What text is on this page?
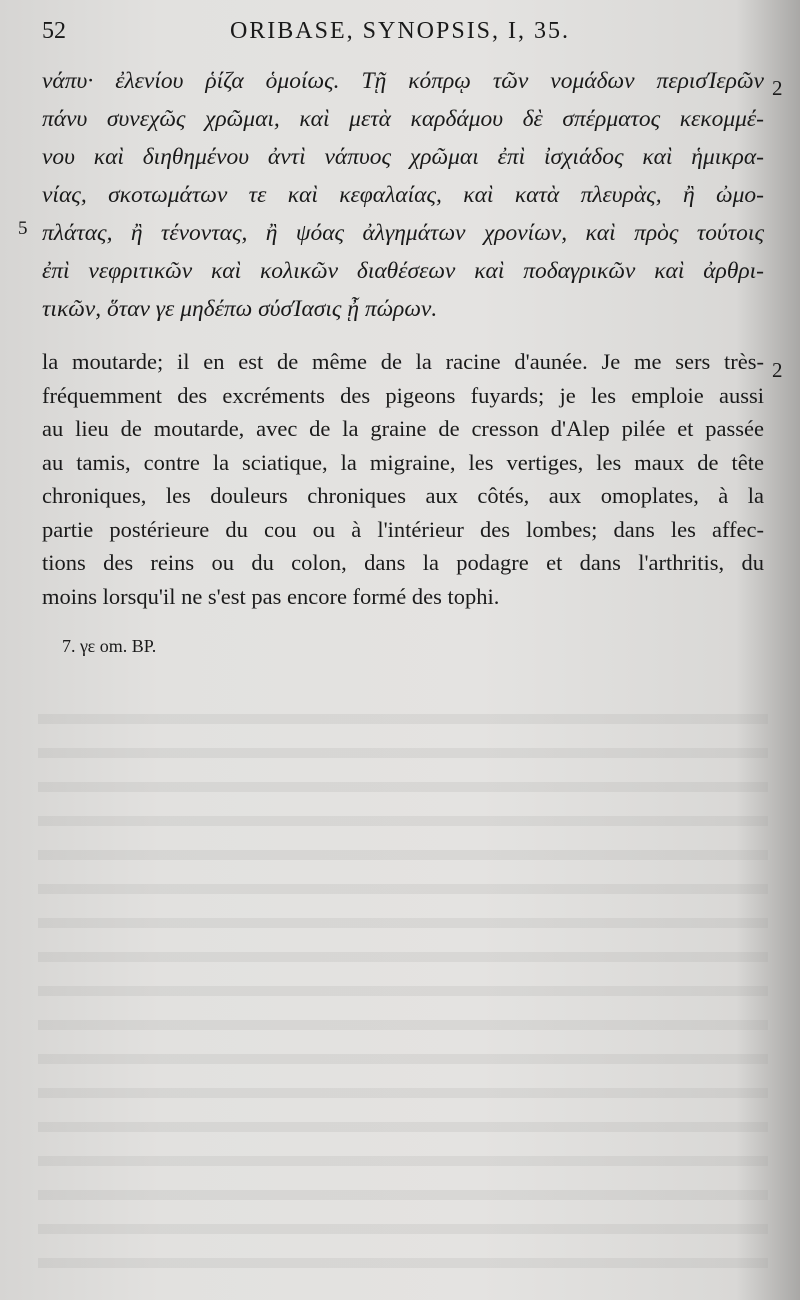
52	ORIBASE, SYNOPSIS, I, 35.
νάπυ· ἐλενίου ῥίζα ὁμοίως. Τῇ κόπρῳ τῶν νομάδων περισΊερῶν
πάνυ συνεχῶς χρῶμαι, καὶ μετὰ καρδάμου δὲ σπέρματος κεκομμέ-
νου καὶ διηθημένου ἀντὶ νάπυος χρῶμαι ἐπὶ ἰσχιάδος καὶ ἡμικρα-
νίας, σκοτωμάτων τε καὶ κεφαλαίας, καὶ κατὰ πλευρὰς, ἢ ὠμο-
πλάτας, ἢ τένοντας, ἢ ψόας ἀλγημάτων χρονίων, καὶ πρὸς τούτοις
ἐπὶ νεφριτικῶν καὶ κολικῶν διαθέσεων καὶ ποδαγρικῶν καὶ ἀρθρι-
τικῶν, ὅταν γε μηδέπω σύσΊασις ᾖ πώρων.
5
2
2
la moutarde; il en est de même de la racine d'aunée. Je me sers très-
fréquemment des excréments des pigeons fuyards; je les emploie aussi
au lieu de moutarde, avec de la graine de cresson d'Alep pilée et passée
au tamis, contre la sciatique, la migraine, les vertiges, les maux de tête
chroniques, les douleurs chroniques aux côtés, aux omoplates, à la
partie postérieure du cou ou à l'intérieur des lombes; dans les affec-
tions des reins ou du colon, dans la podagre et dans l'arthritis, du
moins lorsqu'il ne s'est pas encore formé des tophi.
7. γε om. BP.
